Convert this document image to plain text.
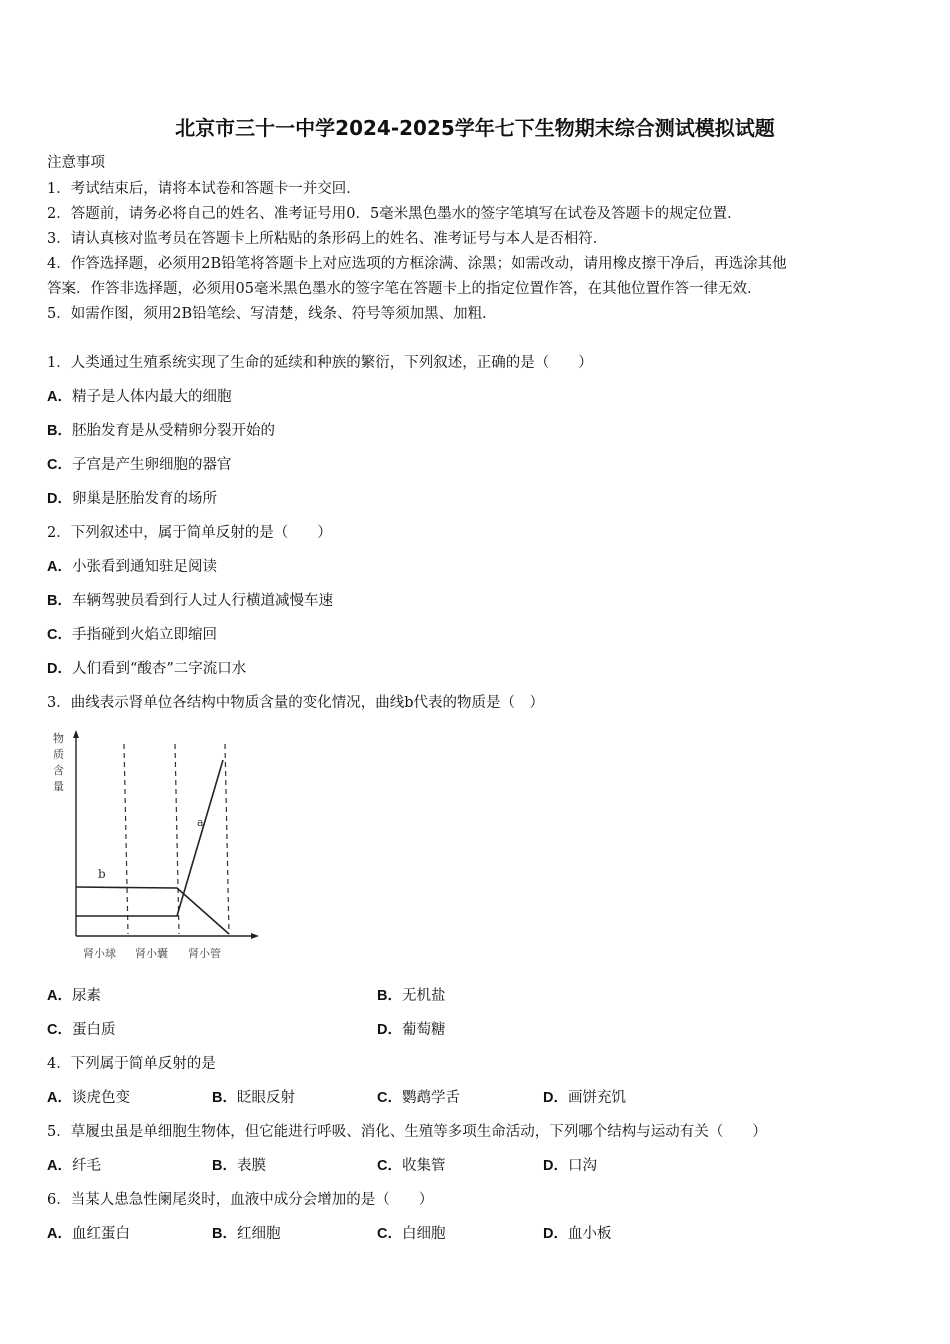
北京市三十一中学2024-2025学年七下生物期末综合测试模拟试题
注意事项
1．考试结束后，请将本试卷和答题卡一并交回．
2．答题前，请务必将自己的姓名、准考证号用0．5毫米黑色墨水的签字笔填写在试卷及答题卡的规定位置．
3．请认真核对监考员在答题卡上所粘贴的条形码上的姓名、准考证号与本人是否相符．
4．作答选择题，必须用2B铅笔将答题卡上对应选项的方框涂满、涂黑；如需改动，请用橡皮擦干净后，再选涂其他
答案．作答非选择题，必须用05毫米黑色墨水的签字笔在答题卡上的指定位置作答，在其他位置作答一律无效．
5．如需作图，须用2B铅笔绘、写清楚，线条、符号等须加黑、加粗．
1．人类通过生殖系统实现了生命的延续和种族的繁衍，下列叙述，正确的是（　　）
A．精子是人体内最大的细胞
B．胚胎发育是从受精卵分裂开始的
C．子宫是产生卵细胞的器官
D．卵巢是胚胎发育的场所
2．下列叙述中，属于简单反射的是（　　）
A．小张看到通知驻足阅读
B．车辆驾驶员看到行人过人行横道减慢车速
C．手指碰到火焰立即缩回
D．人们看到“酸杏”二字流口水
3．曲线表示肾单位各结构中物质含量的变化情况，曲线b代表的物质是（　）
物
质
含
量
a
b
肾小球 肾小囊 肾小管
A．尿素	B．无机盐
C．蛋白质	D．葡萄糖
4．下列属于简单反射的是
A．谈虎色变	B．眨眼反射	C．鹦鹉学舌	D．画饼充饥
5．草履虫虽是单细胞生物体，但它能进行呼吸、消化、生殖等多项生命活动，下列哪个结构与运动有关（　　）
A．纤毛	B．表膜	C．收集管	D．口沟
6．当某人患急性阑尾炎时，血液中成分会增加的是（　　）
A．血红蛋白	B．红细胞	C．白细胞	D．血小板
